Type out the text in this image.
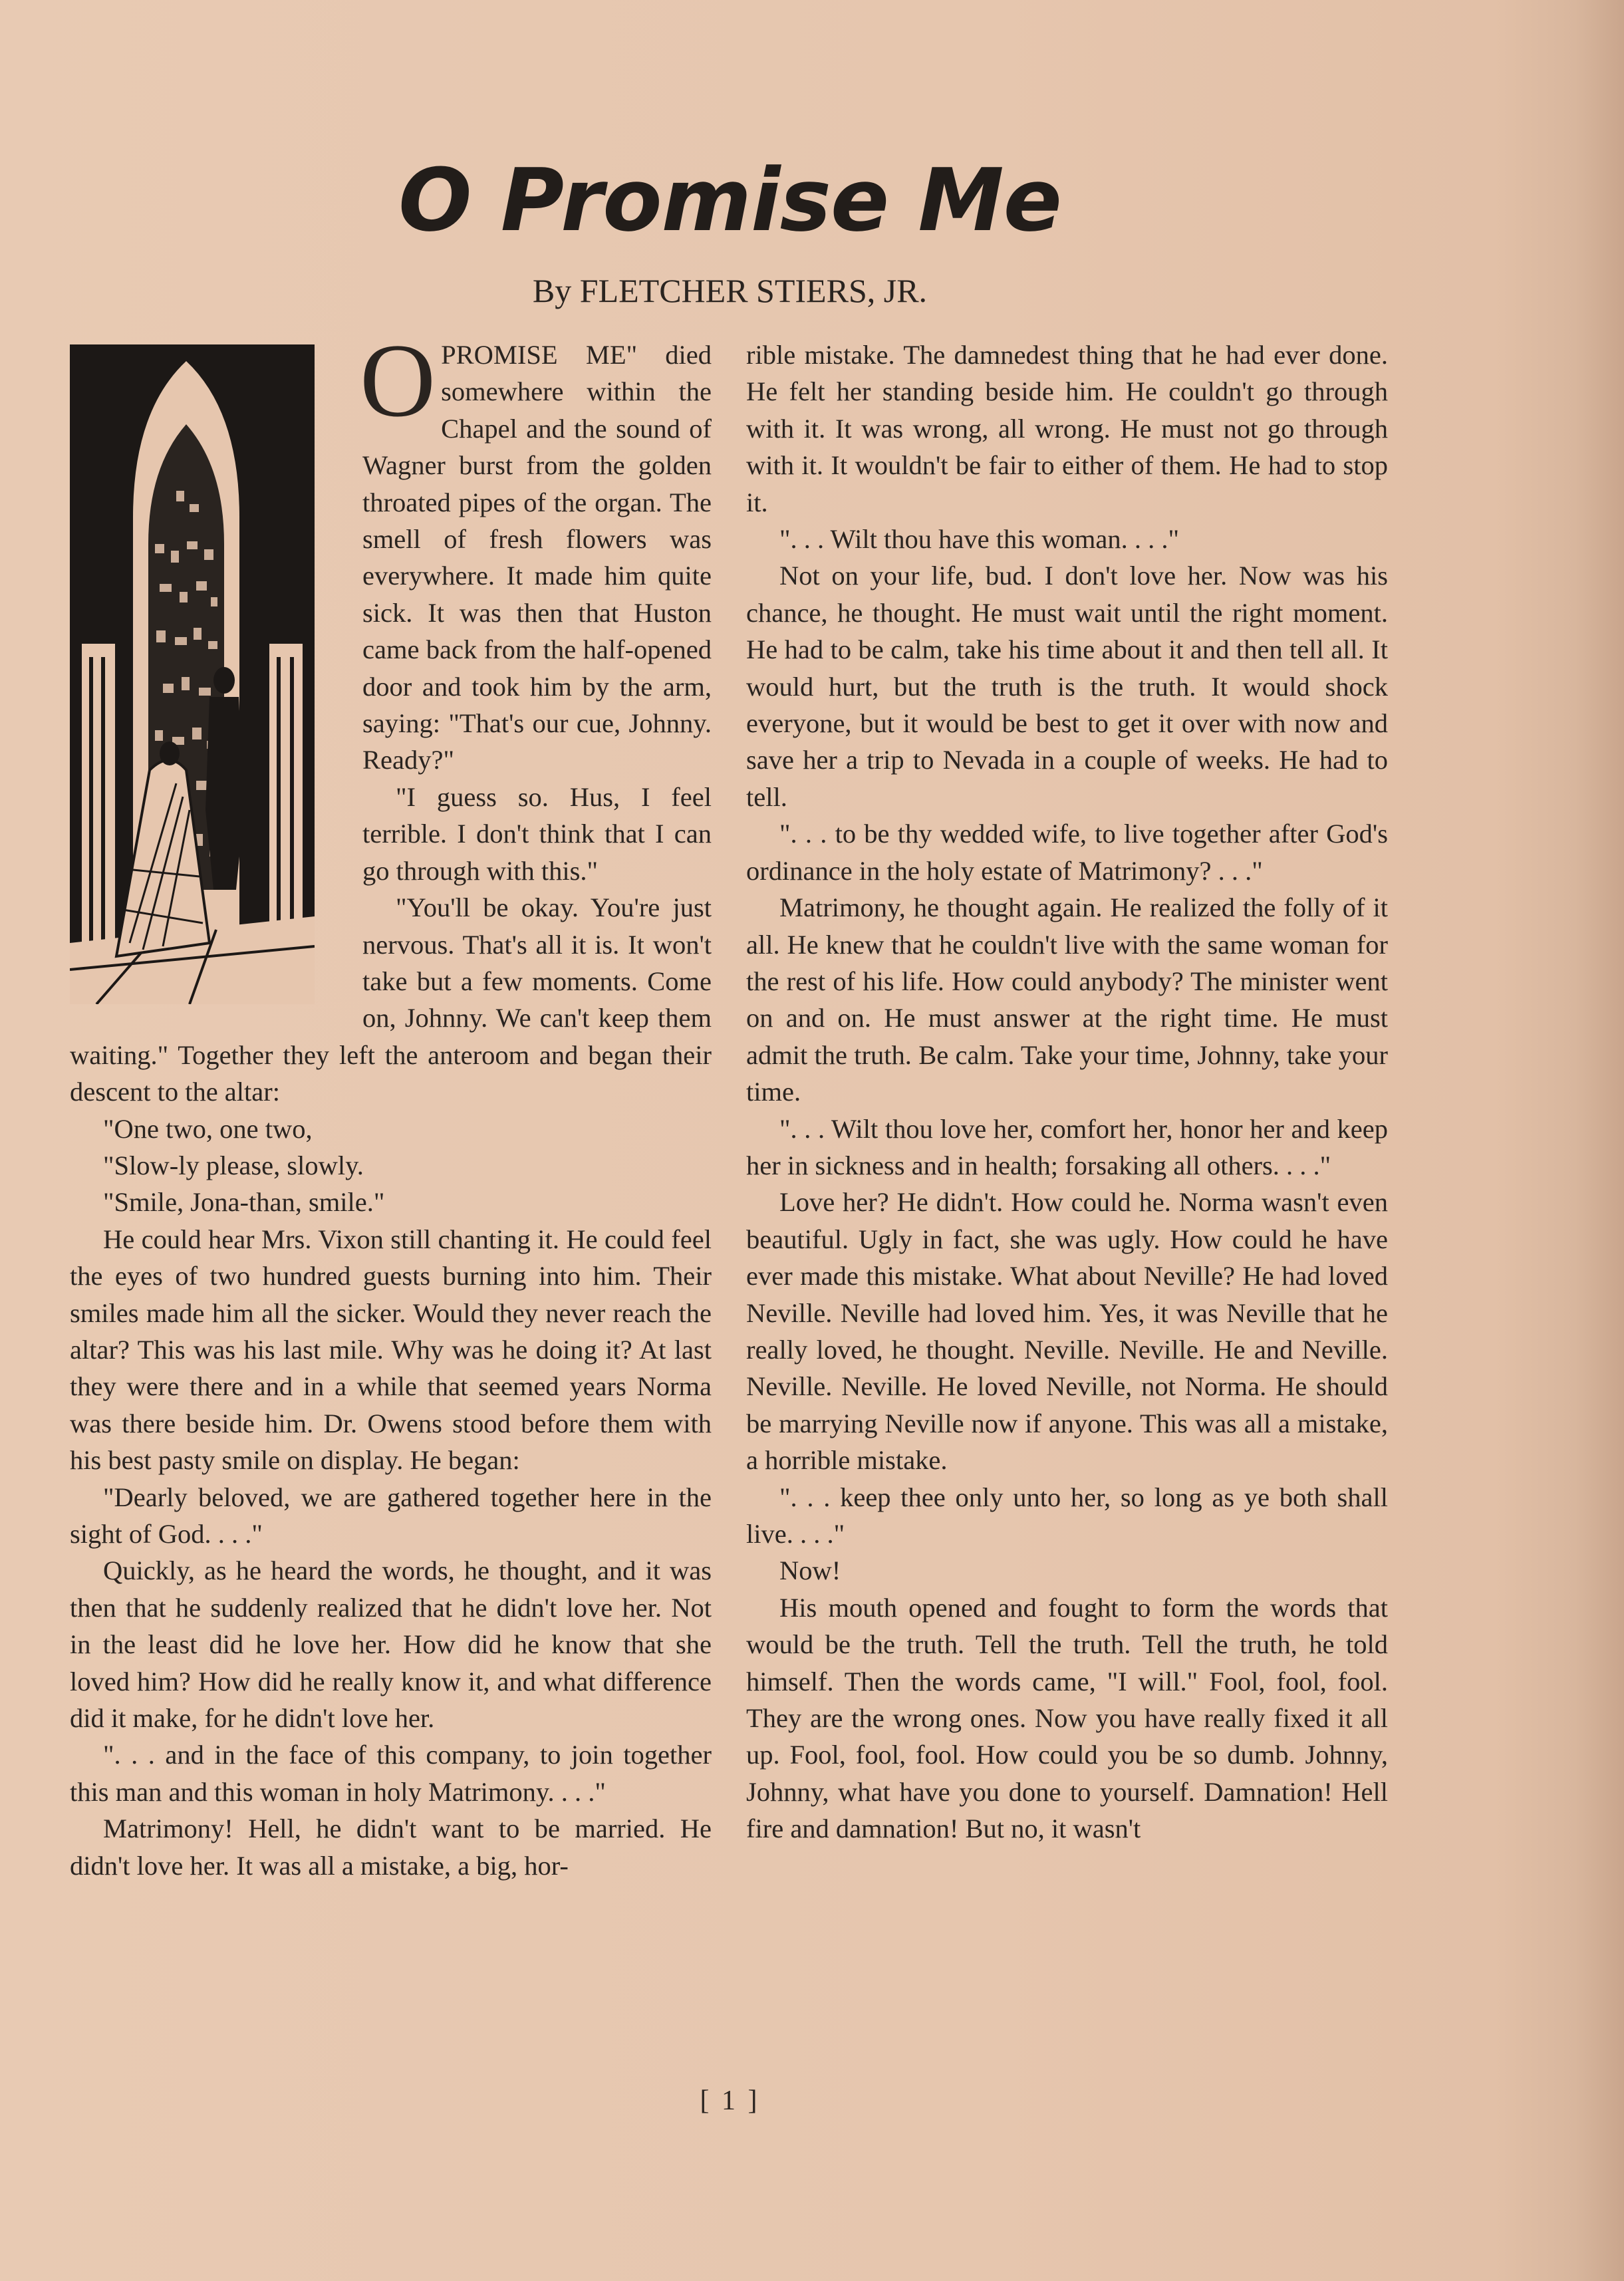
O Promise Me

By FLETCHER STIERS, JR.

OPROMISE ME" died somewhere within the Chapel and the sound of Wagner burst from the golden throated pipes of the organ. The smell of fresh flowers was everywhere. It made him quite sick. It was then that Huston came back from the half-opened door and took him by the arm, saying: "That's our cue, Johnny. Ready?"

"I guess so. Hus, I feel terrible. I don't think that I can go through with this."

"You'll be okay. You're just nervous. That's all it is. It won't take but a few moments. Come on, Johnny. We can't keep them waiting." Together they left the anteroom and began their descent to the altar:

"One two, one two,

"Slow-ly please, slowly.

"Smile, Jona-than, smile."

He could hear Mrs. Vixon still chanting it. He could feel the eyes of two hundred guests burning into him. Their smiles made him all the sicker. Would they never reach the altar? This was his last mile. Why was he doing it? At last they were there and in a while that seemed years Norma was there beside him. Dr. Owens stood before them with his best pasty smile on display. He began:

"Dearly beloved, we are gathered together here in the sight of God. . . ."

Quickly, as he heard the words, he thought, and it was then that he suddenly realized that he didn't love her. Not in the least did he love her. How did he know that she loved him? How did he really know it, and what difference did it make, for he didn't love her.

". . . and in the face of this company, to join together this man and this woman in holy Matrimony. . . ."

Matrimony! Hell, he didn't want to be married. He didn't love her. It was all a mistake, a big, hor-

rible mistake. The damnedest thing that he had ever done. He felt her standing beside him. He couldn't go through with it. It was wrong, all wrong. He must not go through with it. It wouldn't be fair to either of them. He had to stop it.

". . . Wilt thou have this woman. . . ."

Not on your life, bud. I don't love her. Now was his chance, he thought. He must wait until the right moment. He had to be calm, take his time about it and then tell all. It would hurt, but the truth is the truth. It would shock everyone, but it would be best to get it over with now and save her a trip to Nevada in a couple of weeks. He had to tell.

". . . to be thy wedded wife, to live together after God's ordinance in the holy estate of Matrimony? . . ."

Matrimony, he thought again. He realized the folly of it all. He knew that he couldn't live with the same woman for the rest of his life. How could anybody? The minister went on and on. He must answer at the right time. He must admit the truth. Be calm. Take your time, Johnny, take your time.

". . . Wilt thou love her, comfort her, honor her and keep her in sickness and in health; forsaking all others. . . ."

Love her? He didn't. How could he. Norma wasn't even beautiful. Ugly in fact, she was ugly. How could he have ever made this mistake. What about Neville? He had loved Neville. Neville had loved him. Yes, it was Neville that he really loved, he thought. Neville. Neville. He and Neville. Neville. Neville. He loved Neville, not Norma. He should be marrying Neville now if anyone. This was all a mistake, a horrible mistake.

". . . keep thee only unto her, so long as ye both shall live. . . ."

Now!

His mouth opened and fought to form the words that would be the truth. Tell the truth. Tell the truth, he told himself. Then the words came, "I will." Fool, fool, fool. They are the wrong ones. Now you have really fixed it all up. Fool, fool, fool. How could you be so dumb. Johnny, Johnny, what have you done to yourself. Damnation! Hell fire and damnation! But no, it wasn't

[ 1 ]
